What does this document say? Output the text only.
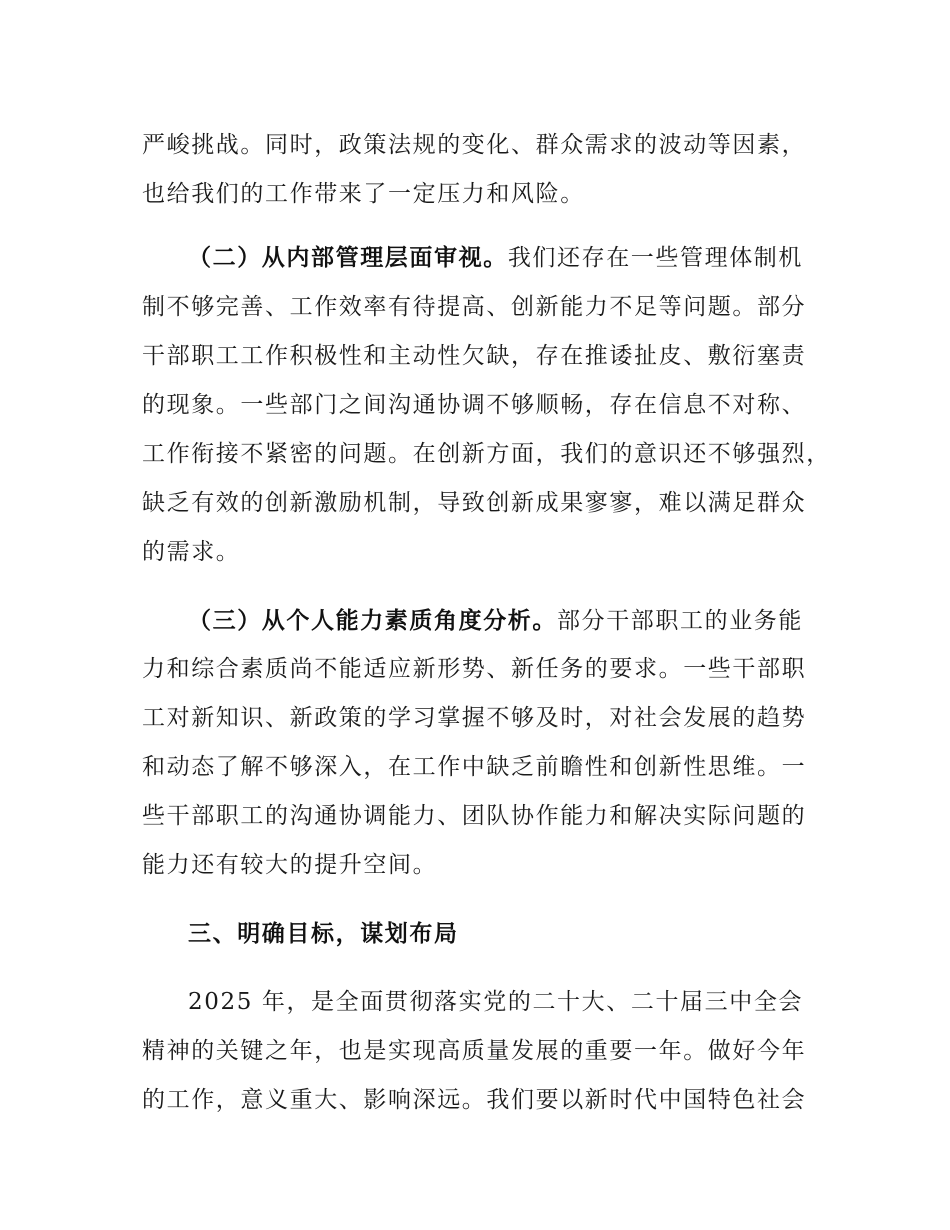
严峻挑战。同时，政策法规的变化、群众需求的波动等因素，
也给我们的工作带来了一定压力和风险。
（二）从内部管理层面审视。我们还存在一些管理体制机
制不够完善、工作效率有待提高、创新能力不足等问题。部分
干部职工工作积极性和主动性欠缺，存在推诿扯皮、敷衍塞责
的现象。一些部门之间沟通协调不够顺畅，存在信息不对称、
工作衔接不紧密的问题。在创新方面，我们的意识还不够强烈，
缺乏有效的创新激励机制，导致创新成果寥寥，难以满足群众
的需求。
（三）从个人能力素质角度分析。部分干部职工的业务能
力和综合素质尚不能适应新形势、新任务的要求。一些干部职
工对新知识、新政策的学习掌握不够及时，对社会发展的趋势
和动态了解不够深入，在工作中缺乏前瞻性和创新性思维。一
些干部职工的沟通协调能力、团队协作能力和解决实际问题的
能力还有较大的提升空间。
三、明确目标，谋划布局
2025 年，是全面贯彻落实党的二十大、二十届三中全会
精神的关键之年，也是实现高质量发展的重要一年。做好今年
的工作，意义重大、影响深远。我们要以新时代中国特色社会
